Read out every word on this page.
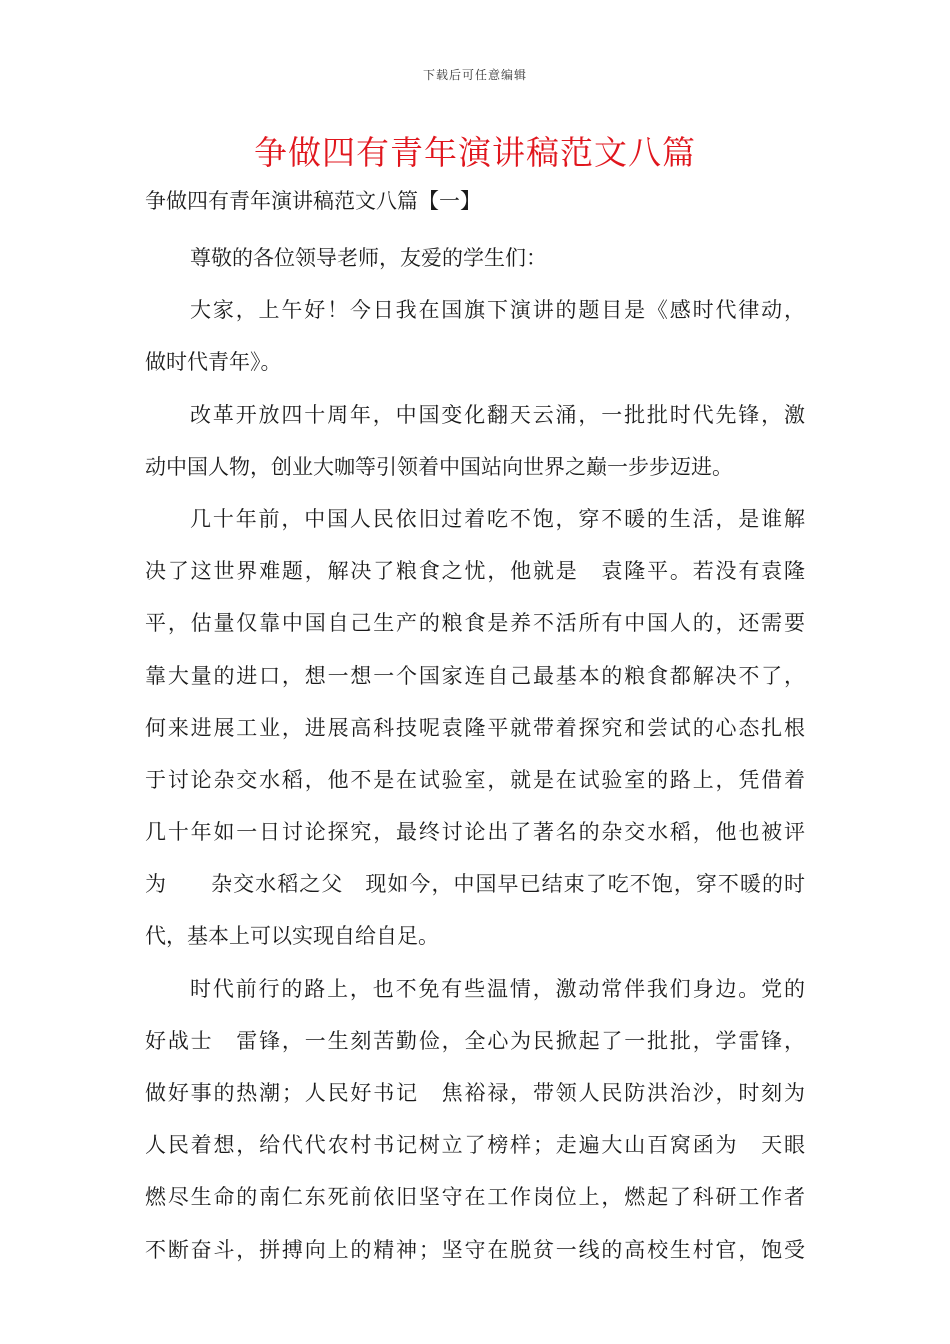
下载后可任意编辑
争做四有青年演讲稿范文八篇
争做四有青年演讲稿范文八篇【一】
尊敬的各位领导老师，友爱的学生们：
大家，上午好！今日我在国旗下演讲的题目是《感时代律动，
做时代青年》。
改革开放四十周年，中国变化翻天云涌，一批批时代先锋，激
动中国人物，创业大咖等引领着中国站向世界之巅一步步迈进。
几十年前，中国人民依旧过着吃不饱，穿不暖的生活，是谁解
决了这世界难题，解决了粮食之忧，他就是　袁隆平。若没有袁隆
平，估量仅靠中国自己生产的粮食是养不活所有中国人的，还需要
靠大量的进口，想一想一个国家连自己最基本的粮食都解决不了，
何来进展工业，进展高科技呢袁隆平就带着探究和尝试的心态扎根
于讨论杂交水稻，他不是在试验室，就是在试验室的路上，凭借着
几十年如一日讨论探究，最终讨论出了著名的杂交水稻，他也被评
为　　杂交水稻之父　现如今，中国早已结束了吃不饱，穿不暖的时
代，基本上可以实现自给自足。
时代前行的路上，也不免有些温情，激动常伴我们身边。党的
好战士　雷锋，一生刻苦勤俭，全心为民掀起了一批批，学雷锋，
做好事的热潮；人民好书记　焦裕禄，带领人民防洪治沙，时刻为
人民着想，给代代农村书记树立了榜样；走遍大山百窝函为　天眼
燃尽生命的南仁东死前依旧坚守在工作岗位上，燃起了科研工作者
不断奋斗，拼搏向上的精神；坚守在脱贫一线的高校生村官，饱受
